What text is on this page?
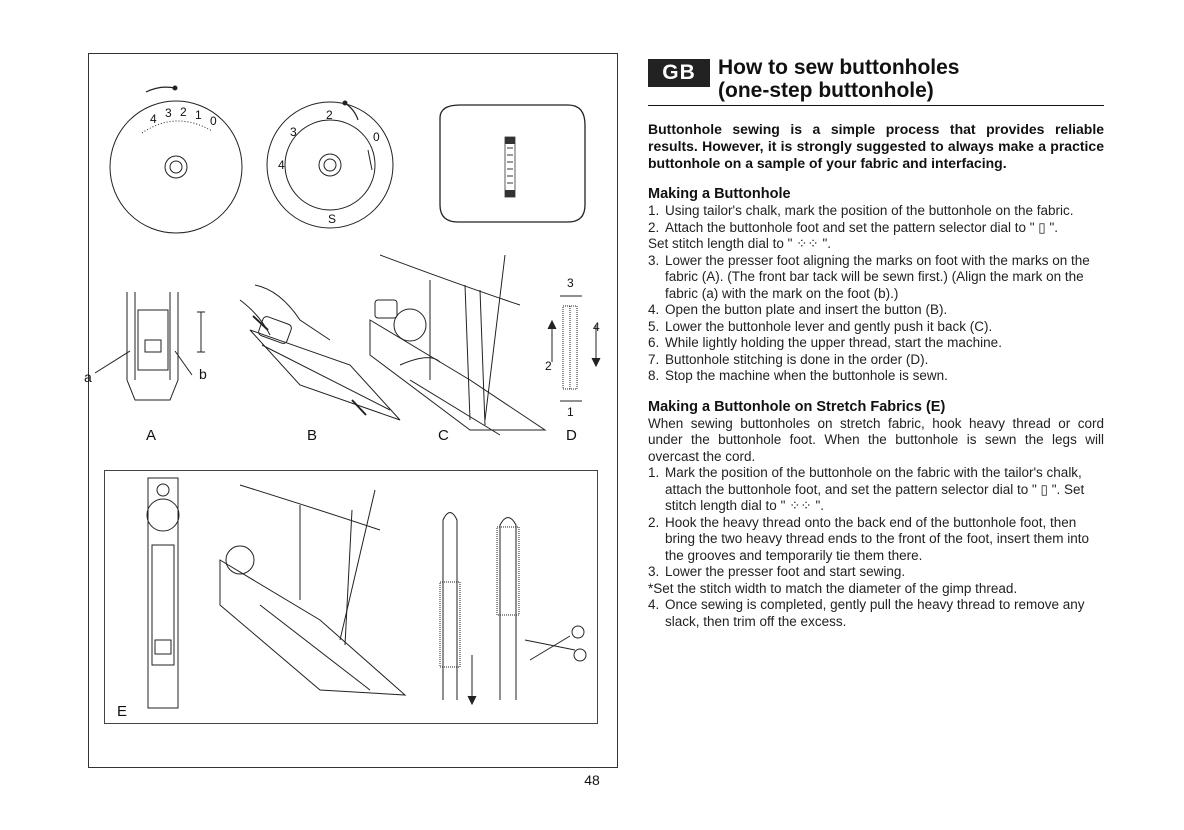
4 3 2 1 0	2
0
4
3
S
A	B	C	D
E
a	b
3
4
2
1
48
GB	How to sew buttonholes
(one-step buttonhole)
Buttonhole sewing is a simple process that provides reliable results. However, it is strongly suggested to always make a practice buttonhole on a sample of your fabric and interfacing.
Making a Buttonhole
1. Using tailor's chalk, mark the position of the buttonhole on the fabric.
2. Attach the buttonhole foot and set the pattern selector dial to " ▯ ".
Set stitch length dial to " ⁘⁘ ".
3. Lower the presser foot aligning the marks on foot with the marks on the fabric (A). (The front bar tack will be sewn first.) (Align the mark on the fabric (a) with the mark on the foot (b).)
4. Open the button plate and insert the button (B).
5. Lower the buttonhole lever and gently push it back (C).
6. While lightly holding the upper thread, start the machine.
7. Buttonhole stitching is done in the order (D).
8. Stop the machine when the buttonhole is sewn.
Making a Buttonhole on Stretch Fabrics (E)
When sewing buttonholes on stretch fabric, hook heavy thread or cord under the buttonhole foot. When the buttonhole is sewn the legs will overcast the cord.
1. Mark the position of the buttonhole on the fabric with the tailor's chalk, attach the buttonhole foot, and set the pattern selector dial to " ▯ ". Set stitch length dial to " ⁘⁘ ".
2. Hook the heavy thread onto the back end of the buttonhole foot, then bring the two heavy thread ends to the front of the foot, insert them into the grooves and temporarily tie them there.
3. Lower the presser foot and start sewing.
*Set the stitch width to match the diameter of the gimp thread.
4. Once sewing is completed, gently pull the heavy thread to remove any slack, then trim off the excess.
